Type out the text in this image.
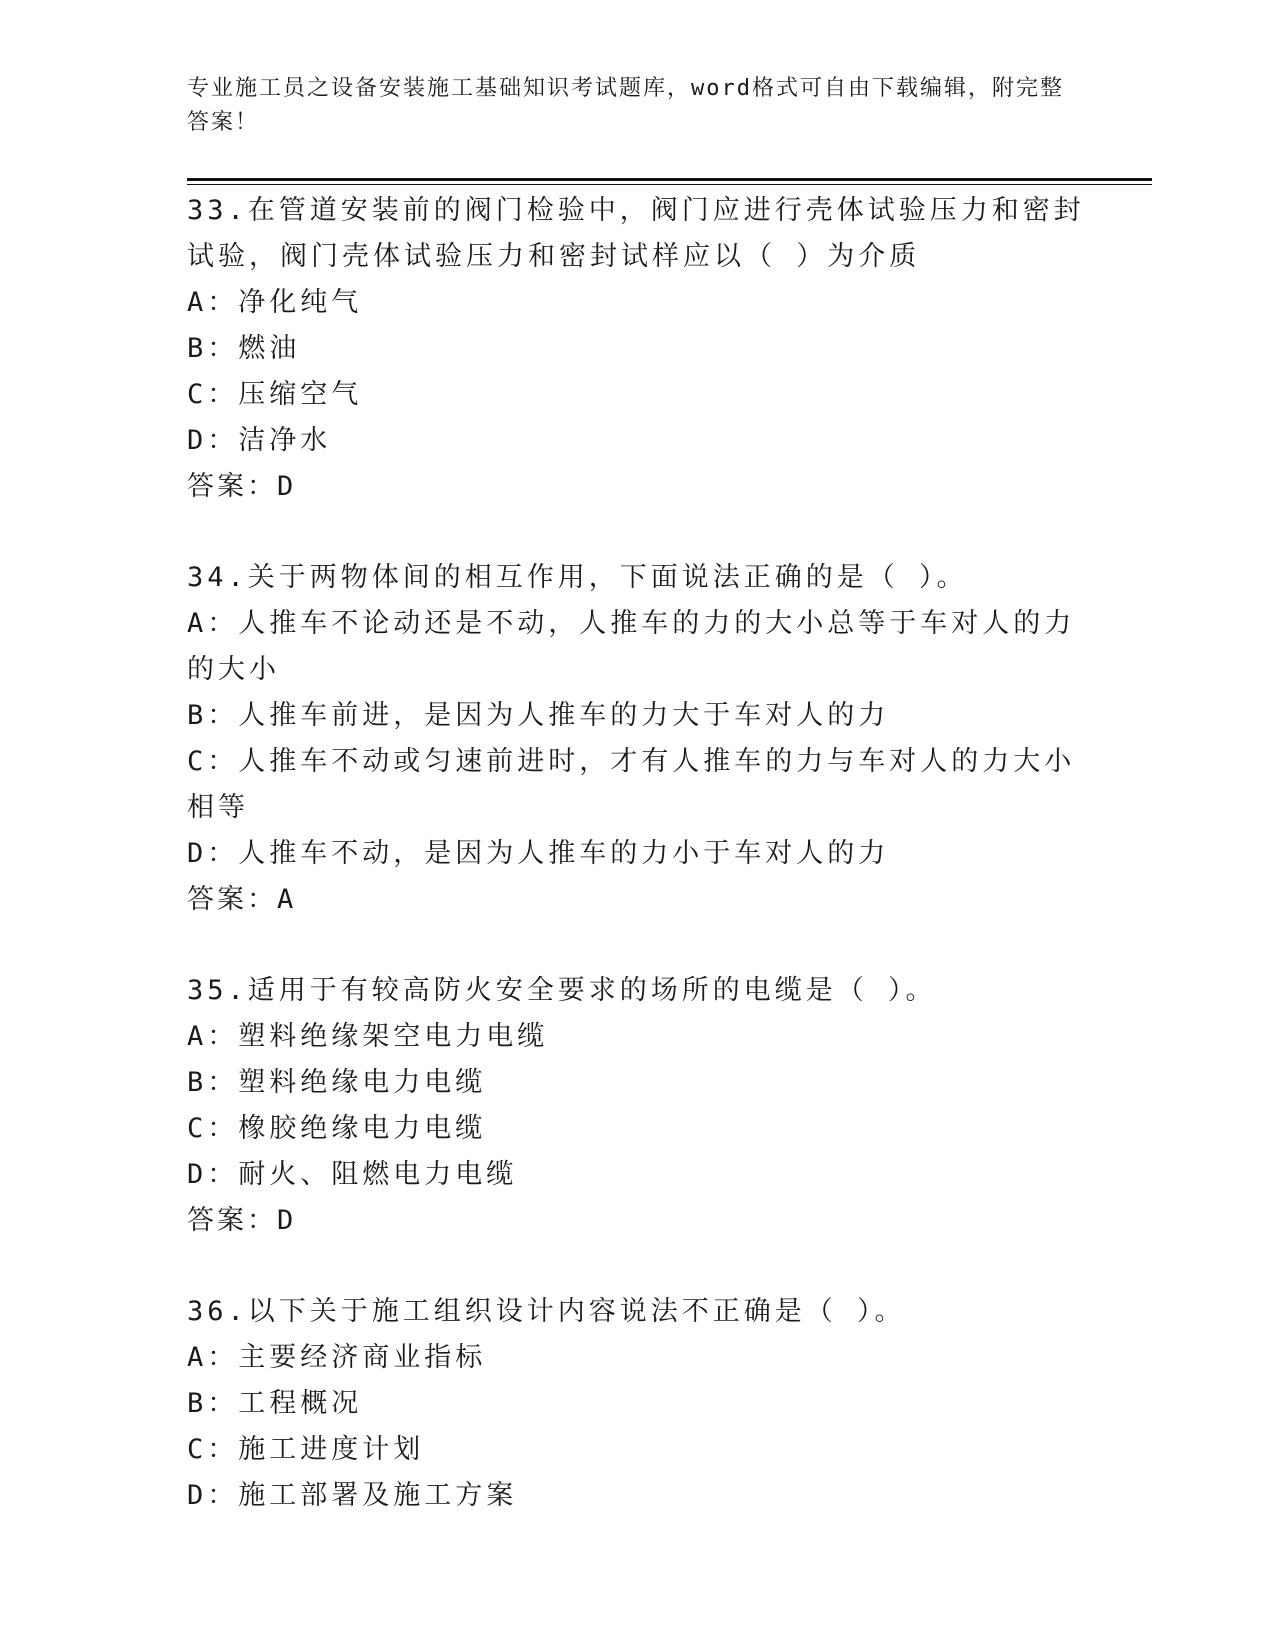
专业施工员之设备安装施工基础知识考试题库，word格式可自由下载编辑，附完整答案！
33.在管道安装前的阀门检验中，阀门应进行壳体试验压力和密封试验，阀门壳体试验压力和密封试样应以（ ）为介质
A：净化纯气
B：燃油
C：压缩空气
D：洁净水
答案：D
34.关于两物体间的相互作用，下面说法正确的是（ ）。
A：人推车不论动还是不动，人推车的力的大小总等于车对人的力的大小
B：人推车前进，是因为人推车的力大于车对人的力
C：人推车不动或匀速前进时，才有人推车的力与车对人的力大小相等
D：人推车不动，是因为人推车的力小于车对人的力
答案：A
35.适用于有较高防火安全要求的场所的电缆是（ ）。
A：塑料绝缘架空电力电缆
B：塑料绝缘电力电缆
C：橡胶绝缘电力电缆
D：耐火、阻燃电力电缆
答案：D
36.以下关于施工组织设计内容说法不正确是（ ）。
A：主要经济商业指标
B：工程概况
C：施工进度计划
D：施工部署及施工方案
